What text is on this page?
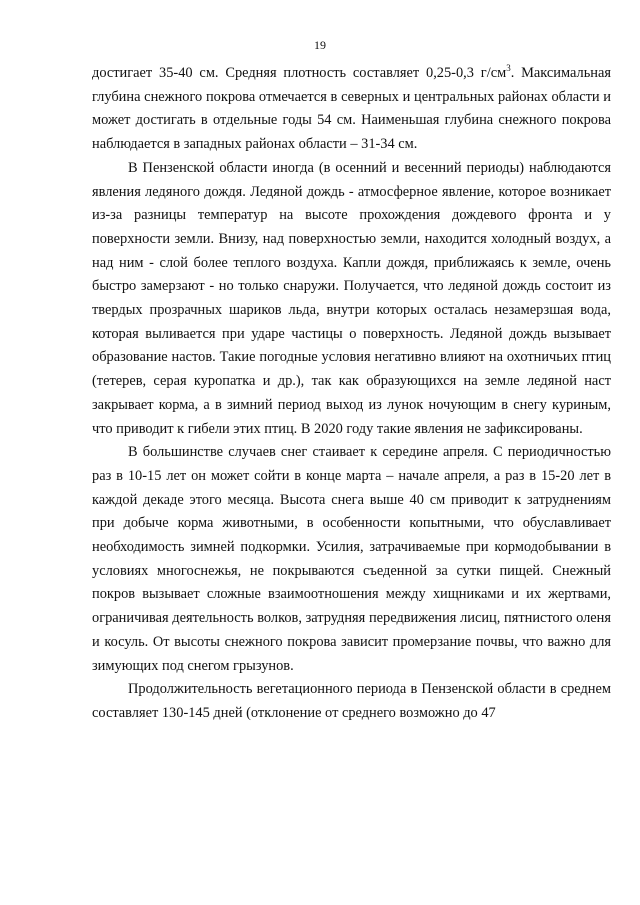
19

достигает 35-40 см. Средняя плотность составляет 0,25-0,3 $г/см^3$. Максимальная глубина снежного покрова отмечается в северных и центральных районах области и может достигать в отдельные годы 54 см. Наименьшая глубина снежного покрова наблюдается в западных районах области – 31-34 см.

В Пензенской области иногда (в осенний и весенний периоды) наблюдаются явления ледяного дождя. Ледяной дождь - атмосферное явление, которое возникает из-за разницы температур на высоте прохождения дождевого фронта и у поверхности земли. Внизу, над поверхностью земли, находится холодный воздух, а над ним - слой более теплого воздуха. Капли дождя, приближаясь к земле, очень быстро замерзают - но только снаружи. Получается, что ледяной дождь состоит из твердых прозрачных шариков льда, внутри которых осталась незамерзшая вода, которая выливается при ударе частицы о поверхность. Ледяной дождь вызывает образование настов. Такие погодные условия негативно влияют на охотничьих птиц (тетерев, серая куропатка и др.), так как образующихся на земле ледяной наст закрывает корма, а в зимний период выход из лунок ночующим в снегу куриным, что приводит к гибели этих птиц. В 2020 году такие явления не зафиксированы.

В большинстве случаев снег стаивает к середине апреля. С периодичностью раз в 10-15 лет он может сойти в конце марта – начале апреля, а раз в 15-20 лет в каждой декаде этого месяца. Высота снега выше 40 см приводит к затруднениям при добыче корма животными, в особенности копытными, что обуславливает необходимость зимней подкормки. Усилия, затрачиваемые при кормодобывании в условиях многоснежья, не покрываются съеденной за сутки пищей. Снежный покров вызывает сложные взаимоотношения между хищниками и их жертвами, ограничивая деятельность волков, затрудняя передвижения лисиц, пятнистого оленя и косуль. От высоты снежного покрова зависит промерзание почвы, что важно для зимующих под снегом грызунов.

Продолжительность вегетационного периода в Пензенской области в среднем составляет 130-145 дней (отклонение от среднего возможно до 47
